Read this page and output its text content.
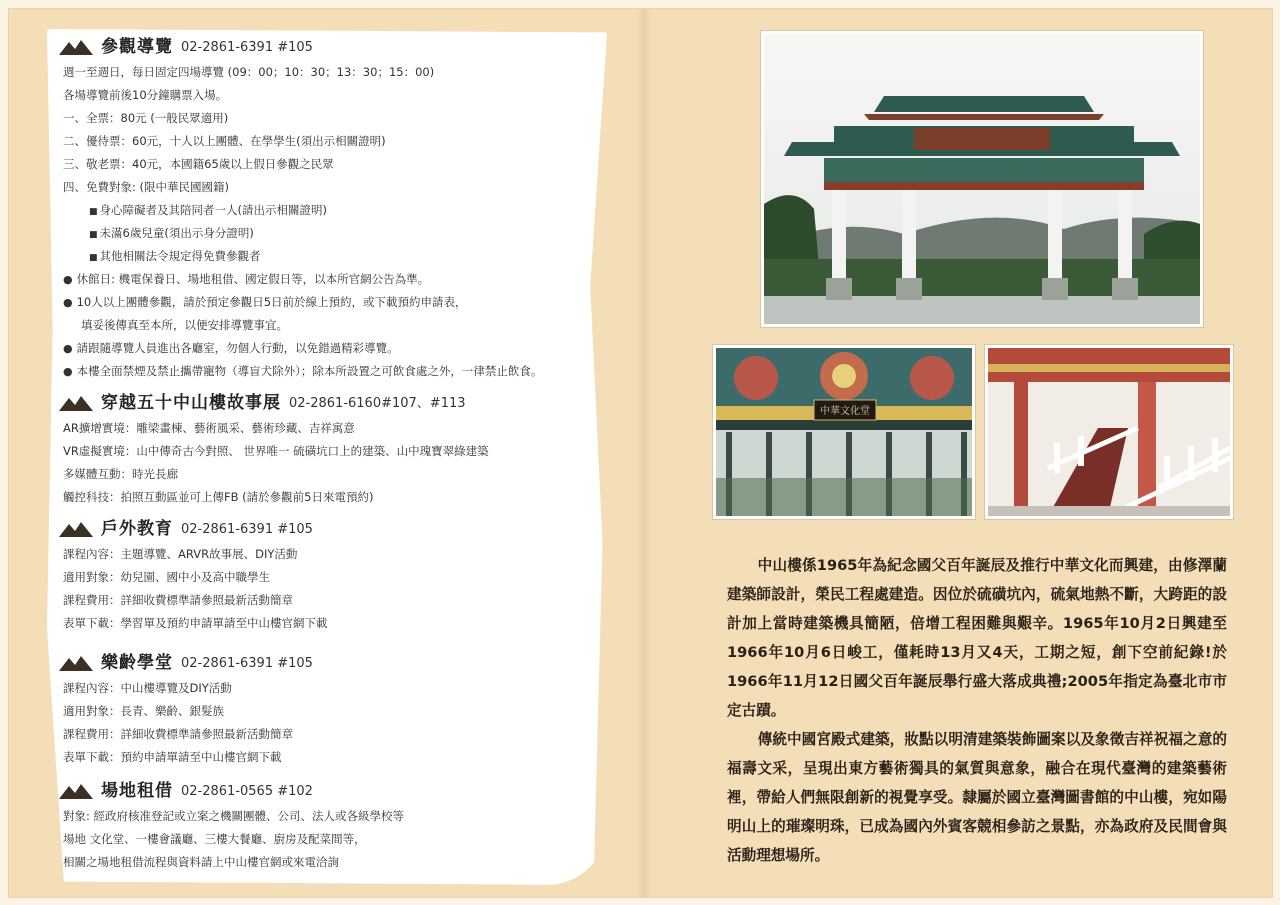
參觀導覽 02-2861-6391 #105
週一至週日，每日固定四場導覽 (09：00；10：30；13：30；15：00)
各場導覽前後10分鐘購票入場。
一、全票：80元 (一般民眾適用)
二、優待票：60元，十人以上團體、在學學生(須出示相關證明)
三、敬老票：40元，本國籍65歲以上假日參觀之民眾
四、免費對象: (限中華民國國籍)
■ 身心障礙者及其陪同者一人(請出示相關證明)
■ 未滿6歲兒童(須出示身分證明)
■ 其他相關法令規定得免費參觀者
● 休館日: 機電保養日、場地租借、國定假日等，以本所官網公告為準。
● 10人以上團體參觀，請於預定參觀日5日前於線上預約，或下載預約申請表，
填妥後傳真至本所，以便安排導覽事宜。
● 請跟隨導覽人員進出各廳室，勿個人行動，以免錯過精彩導覽。
● 本樓全面禁煙及禁止攜帶寵物（導盲犬除外）；除本所設置之可飲食處之外，一律禁止飲食。
穿越五十中山樓故事展 02-2861-6160#107、#113
AR擴增實境：雕梁畫棟、藝術風采、藝術珍藏、吉祥寓意
VR虛擬實境：山中傳奇古今對照、 世界唯一 硫磺坑口上的建築、山中瑰寶翠綠建築
多媒體互動：時光長廊
觸控科技：拍照互動區並可上傳FB (請於參觀前5日來電預約)
戶外教育 02-2861-6391 #105
課程內容：主題導覽、ARVR故事展、DIY活動
適用對象：幼兒園、國中小及高中職學生
課程費用：詳細收費標準請參照最新活動簡章
表單下載：學習單及預約申請單請至中山樓官網下載
樂齡學堂 02-2861-6391 #105
課程內容：中山樓導覽及DIY活動
適用對象：長青、樂齡、銀髮族
課程費用：詳細收費標準請參照最新活動簡章
表單下載：預約申請單請至中山樓官網下載
場地租借 02-2861-0565 #102
對象: 經政府核准登記或立案之機關團體、公司、法人或各級學校等
場地 文化堂、一樓會議廳、三樓大餐廳、廚房及配菜間等，
相關之場地租借流程與資料請上中山樓官網或來電洽詢
中華文化堂

中山樓係1965年為紀念國父百年誕辰及推行中華文化而興建，由修澤蘭建築師設計，榮民工程處建造。因位於硫磺坑內，硫氣地熱不斷，大跨距的設計加上當時建築機具簡陋，倍增工程困難與艱辛。1965年10月2日興建至1966年10月6日峻工，僅耗時13月又4天，工期之短，創下空前紀錄!於1966年11月12日國父百年誕辰舉行盛大落成典禮;2005年指定為臺北市市定古蹟。

傳統中國宮殿式建築，妝點以明清建築裝飾圖案以及象徵吉祥祝福之意的福壽文采，呈現出東方藝術獨具的氣質與意象，融合在現代臺灣的建築藝術裡，帶給人們無限創新的視覺享受。隸屬於國立臺灣圖書館的中山樓，宛如陽明山上的璀璨明珠，已成為國內外賓客競相參訪之景點，亦為政府及民間會與活動理想場所。
